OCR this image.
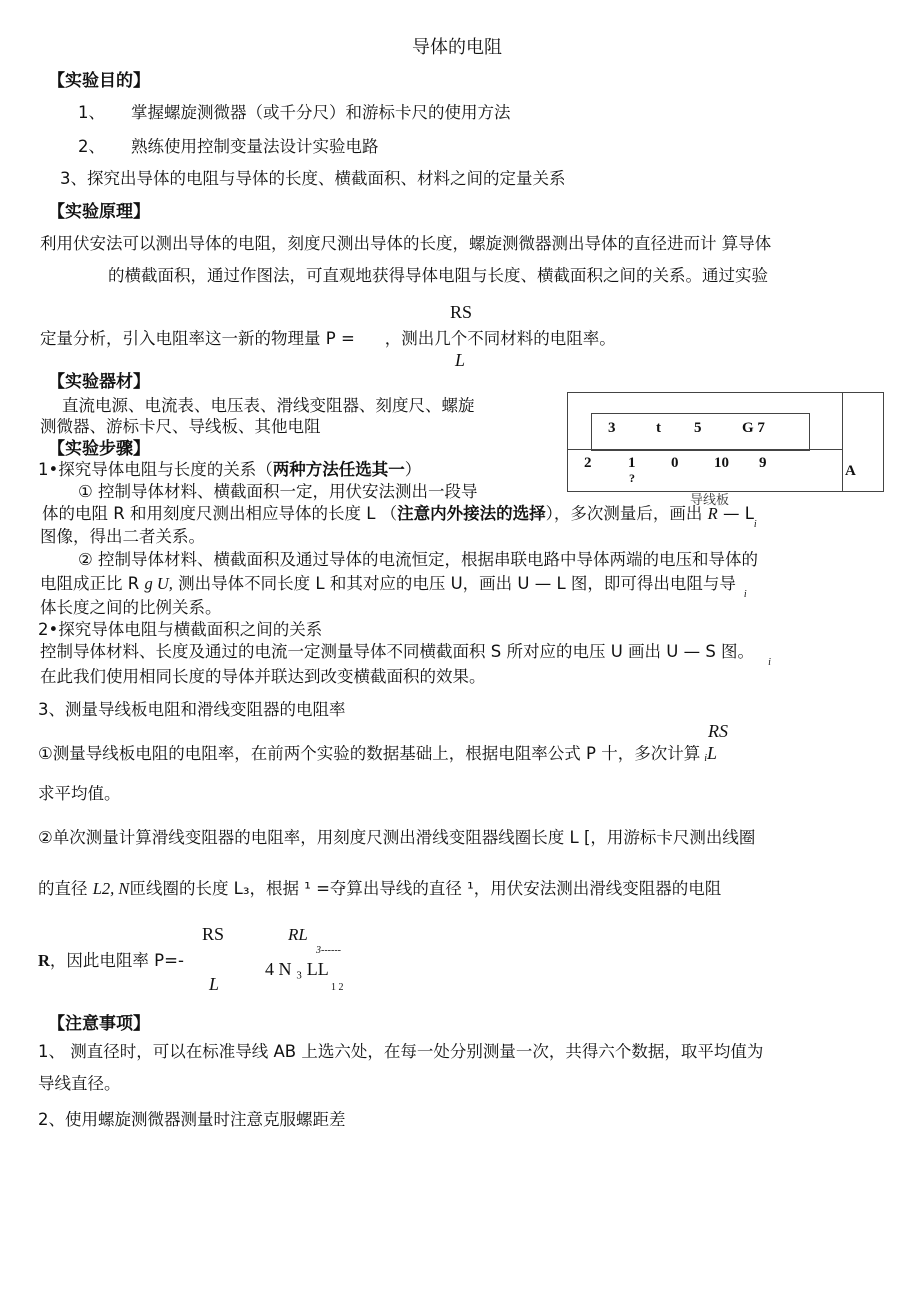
导体的电阻
【实验目的】
1、 掌握螺旋测微器（或千分尺）和游标卡尺的使用方法
2、 熟练使用控制变量法设计实验电路
3、探究出导体的电阻与导体的长度、横截面积、材料之间的定量关系
【实验原理】
利用伏安法可以测出导体的电阻，刻度尺测出导体的长度，螺旋测微器测出导体的直径进而计 算导体
的横截面积，通过作图法，可直观地获得导体电阻与长度、横截面积之间的关系。通过实验
RS
定量分析，引入电阻率这一新的物理量 P = ，测出几个不同材料的电阻率。
L
【实验器材】
直流电源、电流表、电压表、滑线变阻器、刻度尺、螺旋
测微器、游标卡尺、导线板、其他电阻	3	t 5	G 7
2 1 0 10 9
?	A
导线板
【实验步骤】
1•探究导体电阻与长度的关系（两种方法任选其一）
① 控制导体材料、横截面积一定，用伏安法测出一段导
体的电阻 R 和用刻度尺测出相应导体的长度 L （注意内外接法的选择），多次测量后，画出 R — $L_i$
图像，得出二者关系。
② 控制导体材料、横截面积及通过导体的电流恒定，根据串联电路中导体两端的电压和导体的
电阻成正比 R g U, 测出导体不同长度 L 和其对应的电压 U，画出 U — L 图，即可得出电阻与导$_i$
体长度之间的比例关系。
2•探究导体电阻与横截面积之间的关系
控制导体材料、长度及通过的电流一定测量导体不同横截面积 S 所对应的电压 U 画出 U — S 图。$_i$
在此我们使用相同长度的导体并联达到改变横截面积的效果。
3、测量导线板电阻和滑线变阻器的电阻率
RS
①测量导线板电阻的电阻率，在前两个实验的数据基础上，根据电阻率公式 P 十，多次计算 iL
求平均值。
②单次测量计算滑线变阻器的电阻率，用刻度尺测出滑线变阻器线圈长度 L [，用游标卡尺测出线圈
的直径 L2, N匝线圈的长度 L₃，根据 ¹ =夺算出导线的直径 ¹，用伏安法测出滑线变阻器的电阻
RS	RL
3------
R，因此电阻率 P=-	4 N ₃ LL
L	1 2
【注意事项】
1、 测直径时，可以在标准导线 AB 上选六处，在每一处分别测量一次，共得六个数据，取平均值为
导线直径。
2、使用螺旋测微器测量时注意克服螺距差
